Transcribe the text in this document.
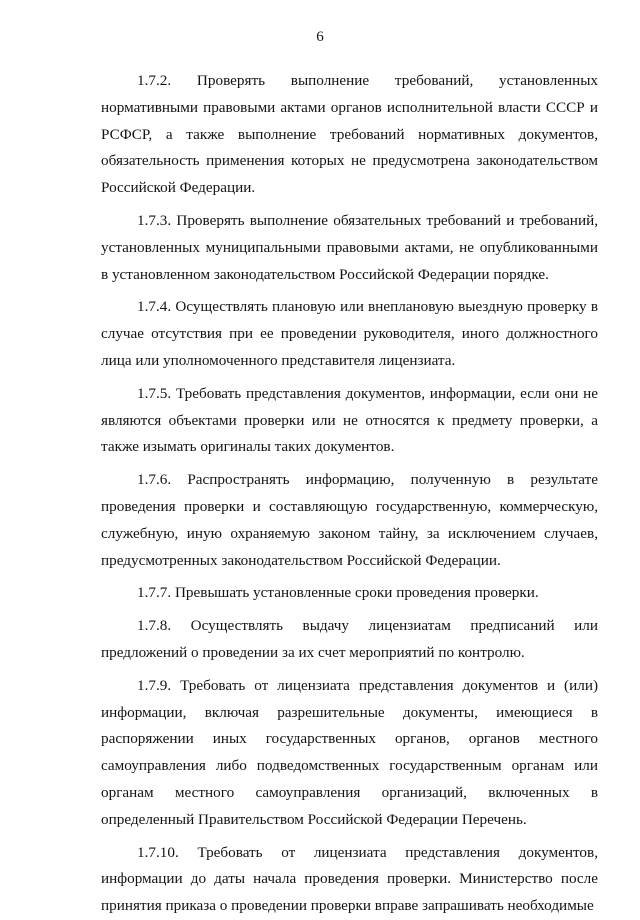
6

1.7.2. Проверять выполнение требований, установленных нормативными правовыми актами органов исполнительной власти СССР и РСФСР, а также выполнение требований нормативных документов, обязательность применения которых не предусмотрена законодательством Российской Федерации.

1.7.3. Проверять выполнение обязательных требований и требований, установленных муниципальными правовыми актами, не опубликованными в установленном законодательством Российской Федерации порядке.

1.7.4. Осуществлять плановую или внеплановую выездную проверку в случае отсутствия при ее проведении руководителя, иного должностного лица или уполномоченного представителя лицензиата.

1.7.5. Требовать представления документов, информации, если они не являются объектами проверки или не относятся к предмету проверки, а также изымать оригиналы таких документов.

1.7.6. Распространять информацию, полученную в результате проведения проверки и составляющую государственную, коммерческую, служебную, иную охраняемую законом тайну, за исключением случаев, предусмотренных законодательством Российской Федерации.

1.7.7. Превышать установленные сроки проведения проверки.

1.7.8. Осуществлять выдачу лицензиатам предписаний или предложений о проведении за их счет мероприятий по контролю.

1.7.9. Требовать от лицензиата представления документов и (или) информации, включая разрешительные документы, имеющиеся в распоряжении иных государственных органов, органов местного самоуправления либо подведомственных государственным органам или органам местного самоуправления организаций, включенных в определенный Правительством Российской Федерации Перечень.

1.7.10. Требовать от лицензиата представления документов, информации до даты начала проведения проверки. Министерство после принятия приказа о проведении проверки вправе запрашивать необходимые
